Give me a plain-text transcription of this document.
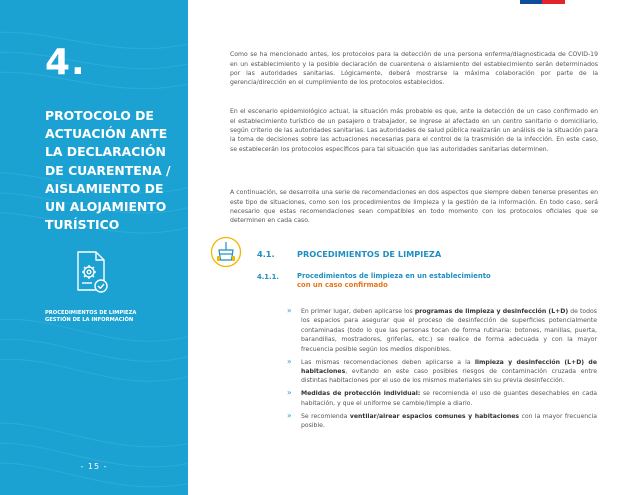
4.
PROTOCOLO DE ACTUACIÓN ANTE LA DECLARACIÓN DE CUARENTENA / AISLAMIENTO DE UN ALOJAMIENTO TURÍSTICO
PROCEDIMIENTOS DE LIMPIEZA
GESTIÓN DE LA INFORMACIÓN
- 15 -

Como se ha mencionado antes, los protocolos para la detección de una persona enferma/diagnosticada de COVID-19 en un establecimiento y la posible declaración de cuarentena o aislamiento del establecimiento serán determinados por las autoridades sanitarias. Lógicamente, deberá mostrarse la máxima colaboración por parte de la gerencia/dirección en el cumplimiento de los protocolos establecidos.

En el escenario epidemiológico actual, la situación más probable es que, ante la detección de un caso confirmado en el establecimiento turístico de un pasajero o trabajador, se ingrese al afectado en un centro sanitario o domiciliario, según criterio de las autoridades sanitarias. Las autoridades de salud pública realizarán un análisis de la situación para la toma de decisiones sobre las actuaciones necesarias para el control de la trasmisión de la infección. En este caso, se establecerán los protocolos específicos para tal situación que las autoridades sanitarias determinen.

A continuación, se desarrolla una serie de recomendaciones en dos aspectos que siempre deben tenerse presentes en este tipo de situaciones, como son los procedimientos de limpieza y la gestión de la información. En todo caso, será necesario que estas recomendaciones sean compatibles en todo momento con los protocolos oficiales que se determinen en cada caso.

4.1.	PROCEDIMIENTOS DE LIMPIEZA
4.1.1.	Procedimientos de limpieza en un establecimiento
con un caso confirmado
» En primer lugar, deben aplicarse los programas de limpieza y desinfección (L+D) de todos los espacios para asegurar que el proceso de desinfección de superficies potencialmente contaminadas (todo lo que las personas tocan de forma rutinaria: botones, manillas, puerta, barandillas, mostradores, griferías, etc.) se realice de forma adecuada y con la mayor frecuencia posible según los medios disponibles.
» Las mismas recomendaciones deben aplicarse a la limpieza y desinfección (L+D) de habitaciones, evitando en este caso posibles riesgos de contaminación cruzada entre distintas habitaciones por el uso de los mismos materiales sin su previa desinfección.
» Medidas de protección individual: se recomienda el uso de guantes desechables en cada habitación, y que el uniforme se cambie/limpie a diario.
» Se recomienda ventilar/airear espacios comunes y habitaciones con la mayor frecuencia posible.
